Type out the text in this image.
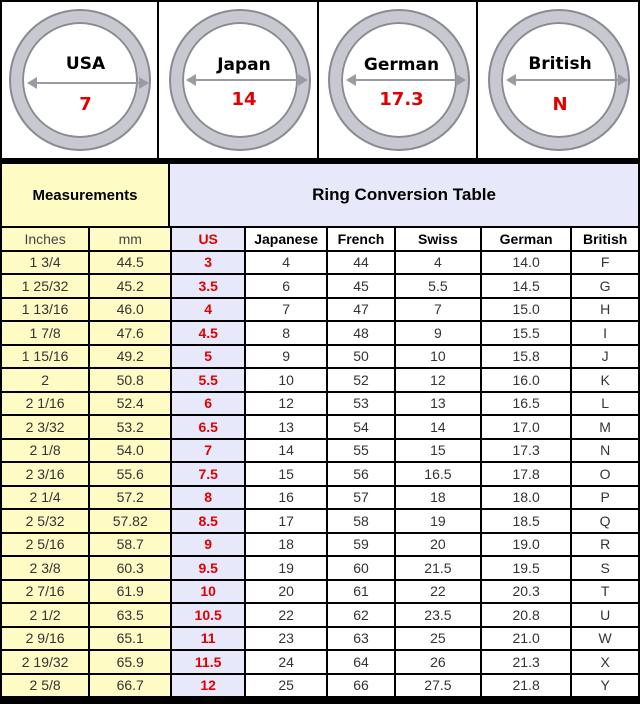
USA
7
Japan
14
German
17.3
British
N
Measurements	Ring Conversion Table
Inches	mm	US	Japanese	French	Swiss	German	British
1 3/4	44.5	3	4	44	4	14.0	F
1 25/32	45.2	3.5	6	45	5.5	14.5	G
1 13/16	46.0	4	7	47	7	15.0	H
1 7/8	47.6	4.5	8	48	9	15.5	I
1 15/16	49.2	5	9	50	10	15.8	J
2	50.8	5.5	10	52	12	16.0	K
2 1/16	52.4	6	12	53	13	16.5	L
2 3/32	53.2	6.5	13	54	14	17.0	M
2 1/8	54.0	7	14	55	15	17.3	N
2 3/16	55.6	7.5	15	56	16.5	17.8	O
2 1/4	57.2	8	16	57	18	18.0	P
2 5/32	57.82	8.5	17	58	19	18.5	Q
2 5/16	58.7	9	18	59	20	19.0	R
2 3/8	60.3	9.5	19	60	21.5	19.5	S
2 7/16	61.9	10	20	61	22	20.3	T
2 1/2	63.5	10.5	22	62	23.5	20.8	U
2 9/16	65.1	11	23	63	25	21.0	W
2 19/32	65.9	11.5	24	64	26	21.3	X
2 5/8	66.7	12	25	66	27.5	21.8	Y
